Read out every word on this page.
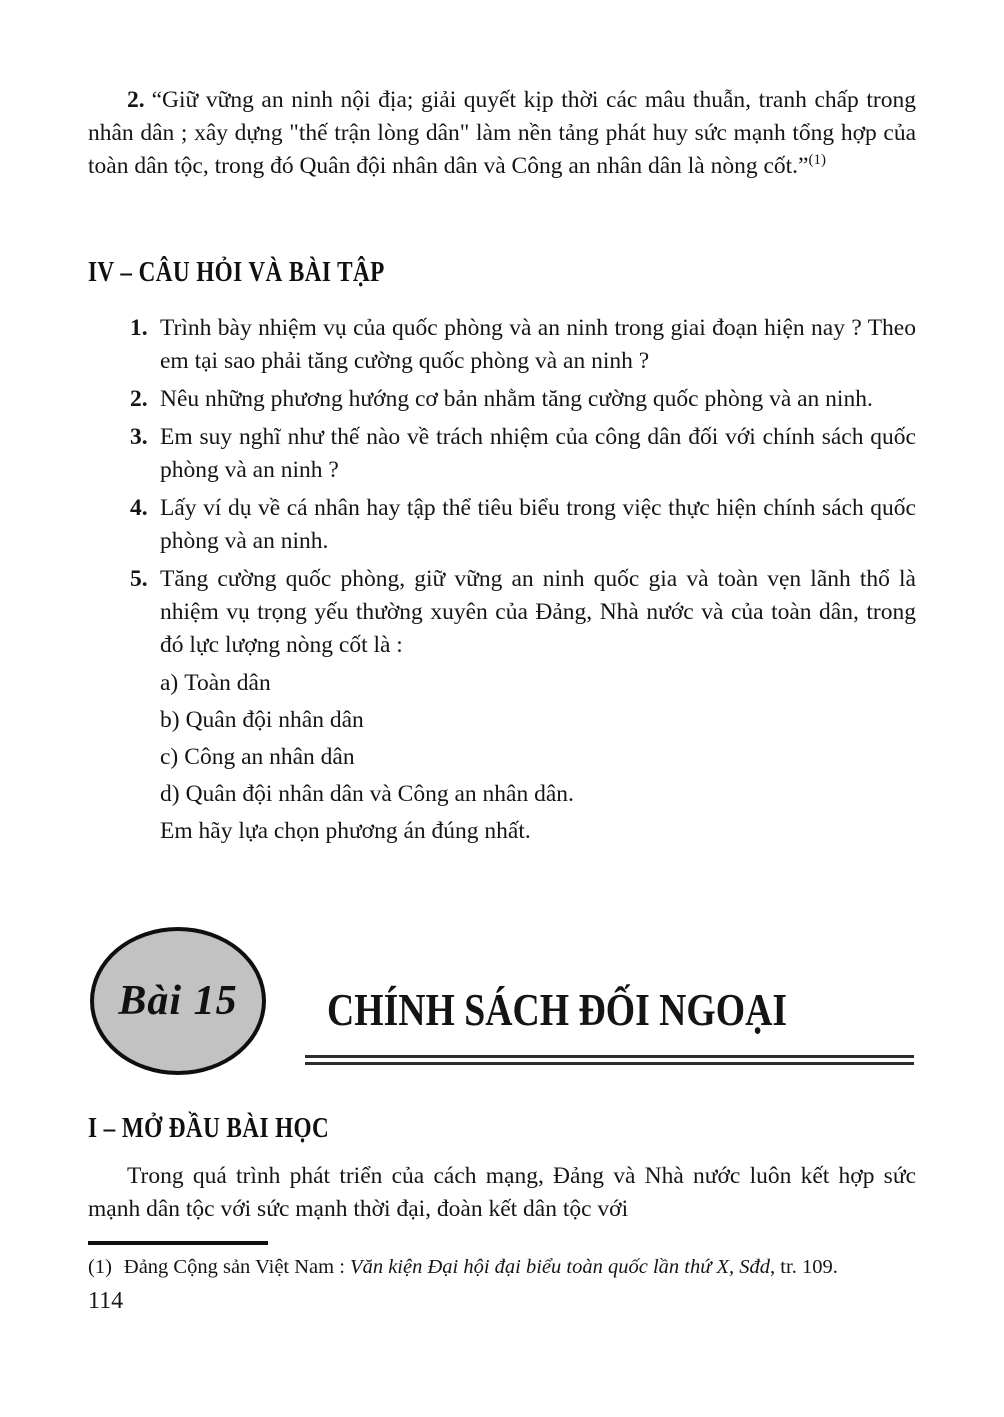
2. “Giữ vững an ninh nội địa; giải quyết kịp thời các mâu thuẫn, tranh chấp trong nhân dân ; xây dựng "thế trận lòng dân" làm nền tảng phát huy sức mạnh tổng hợp của toàn dân tộc, trong đó Quân đội nhân dân và Công an nhân dân là nòng cốt.”$^{(1)}$

IV – CÂU HỎI VÀ BÀI TẬP
1. Trình bày nhiệm vụ của quốc phòng và an ninh trong giai đoạn hiện nay ? Theo em tại sao phải tăng cường quốc phòng và an ninh ?
2. Nêu những phương hướng cơ bản nhằm tăng cường quốc phòng và an ninh.
3. Em suy nghĩ như thế nào về trách nhiệm của công dân đối với chính sách quốc phòng và an ninh ?
4. Lấy ví dụ về cá nhân hay tập thể tiêu biểu trong việc thực hiện chính sách quốc phòng và an ninh.
5. Tăng cường quốc phòng, giữ vững an ninh quốc gia và toàn vẹn lãnh thổ là nhiệm vụ trọng yếu thường xuyên của Đảng, Nhà nước và của toàn dân, trong đó lực lượng nòng cốt là :
a) Toàn dân
b) Quân đội nhân dân
c) Công an nhân dân
d) Quân đội nhân dân và Công an nhân dân.
Em hãy lựa chọn phương án đúng nhất.
Bài 15 CHÍNH SÁCH ĐỐI NGOẠI
I – MỞ ĐẦU BÀI HỌC

Trong quá trình phát triển của cách mạng, Đảng và Nhà nước luôn kết hợp sức mạnh dân tộc với sức mạnh thời đại, đoàn kết dân tộc với

(1) Đảng Cộng sản Việt Nam : Văn kiện Đại hội đại biểu toàn quốc lần thứ X, Sđd, tr. 109.

114
